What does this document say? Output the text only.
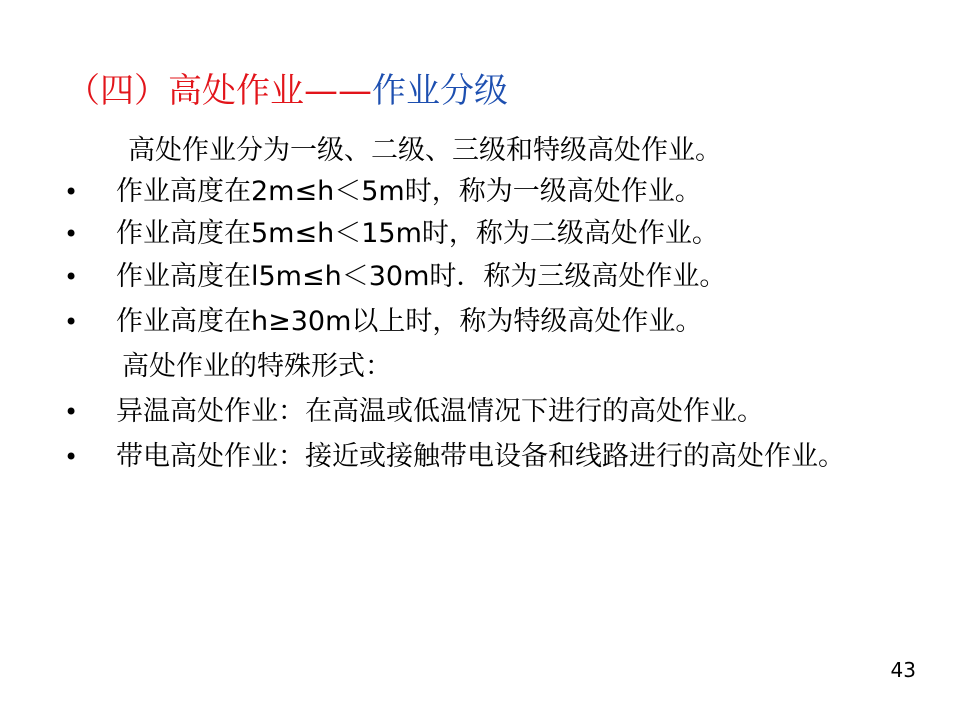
（四）高处作业——作业分级
高处作业分为一级、二级、三级和特级高处作业。
• 作业高度在2m≤h＜5m时，称为一级高处作业。
• 作业高度在5m≤h＜15m时，称为二级高处作业。
• 作业高度在l5m≤h＜30m时．称为三级高处作业。
• 作业高度在h≥30m以上时，称为特级高处作业。
高处作业的特殊形式：
• 异温高处作业：在高温或低温情况下进行的高处作业。
• 带电高处作业：接近或接触带电设备和线路进行的高处作业。
43
